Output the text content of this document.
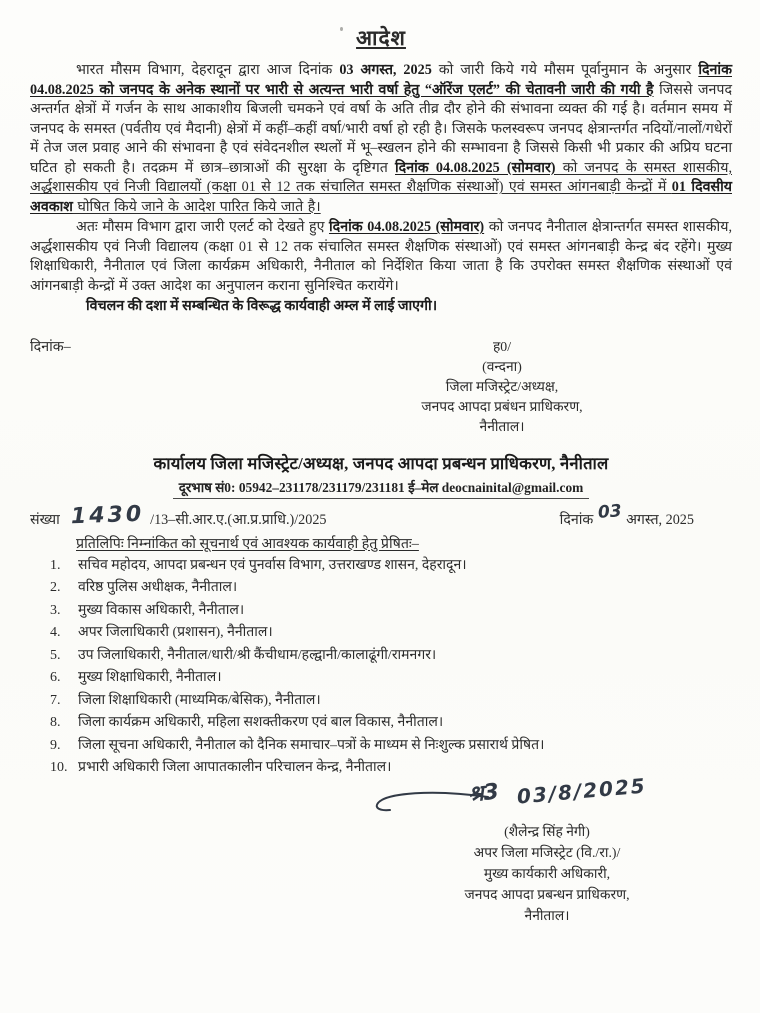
आदेश

भारत मौसम विभाग, देहरादून द्वारा आज दिनांक 03 अगस्त, 2025 को जारी किये गये मौसम पूर्वानुमान के अनुसार दिनांक 04.08.2025 को जनपद के अनेक स्थानों पर भारी से अत्यन्त भारी वर्षा हेतु “ऑरेंज एलर्ट” की चेतावनी जारी की गयी है जिससे जनपद अन्तर्गत क्षेत्रों में गर्जन के साथ आकाशीय बिजली चमकने एवं वर्षा के अति तीव्र दौर होने की संभावना व्यक्त की गई है। वर्तमान समय में जनपद के समस्त (पर्वतीय एवं मैदानी) क्षेत्रों में कहीं–कहीं वर्षा/भारी वर्षा हो रही है। जिसके फलस्वरूप जनपद क्षेत्रान्तर्गत नदियों/नालों/गधेरों में तेज जल प्रवाह आने की संभावना है एवं संवेदनशील स्थलों में भू–स्खलन होने की सम्भावना है जिससे किसी भी प्रकार की अप्रिय घटना घटित हो सकती है। तदक्रम में छात्र–छात्राओं की सुरक्षा के दृष्टिगत दिनांक 04.08.2025 (सोमवार) को जनपद के समस्त शासकीय, अर्द्धशासकीय एवं निजी विद्यालयों (कक्षा 01 से 12 तक संचालित समस्त शैक्षणिक संस्थाओं) एवं समस्त आंगनबाड़ी केन्द्रों में 01 दिवसीय अवकाश घोषित किये जाने के आदेश पारित किये जाते है।

अतः मौसम विभाग द्वारा जारी एलर्ट को देखते हुए दिनांक 04.08.2025 (सोमवार) को जनपद नैनीताल क्षेत्रान्तर्गत समस्त शासकीय, अर्द्धशासकीय एवं निजी विद्यालय (कक्षा 01 से 12 तक संचालित समस्त शैक्षणिक संस्थाओं) एवं समस्त आंगनबाड़ी केन्द्र बंद रहेंगे। मुख्य शिक्षाधिकारी, नैनीताल एवं जिला कार्यक्रम अधिकारी, नैनीताल को निर्देशित किया जाता है कि उपरोक्त समस्त शैक्षणिक संस्थाओं एवं आंगनबाड़ी केन्द्रों में उक्त आदेश का अनुपालन कराना सुनिश्चित करायेंगे।

विचलन की दशा में सम्बन्धित के विरूद्ध कार्यवाही अम्ल में लाई जाएगी।

दिनांक–	ह0/
(वन्दना)
जिला मजिस्ट्रेट/अध्यक्ष,
जनपद आपदा प्रबंधन प्राधिकरण,
नैनीताल।
कार्यालय जिला मजिस्ट्रेट/अध्यक्ष, जनपद आपदा प्रबन्धन प्राधिकरण, नैनीताल
दूरभाष सं0: 05942–231178/231179/231181 ई–मेल deocnainital@gmail.com
संख्या 1430 /13–सी.आर.ए.(आ.प्र.प्राधि.)/2025	दिनांक 03 अगस्त, 2025
प्रतिलिपिः निम्नांकित को सूचनार्थ एवं आवश्यक कार्यवाही हेतु प्रेषितः–
1.	सचिव महोदय, आपदा प्रबन्धन एवं पुनर्वास विभाग, उत्तराखण्ड शासन, देहरादून।
2.	वरिष्ठ पुलिस अधीक्षक, नैनीताल।
3.	मुख्य विकास अधिकारी, नैनीताल।
4.	अपर जिलाधिकारी (प्रशासन), नैनीताल।
5.	उप जिलाधिकारी, नैनीताल/धारी/श्री कैंचीधाम/हल्द्वानी/कालाढूंगी/रामनगर।
6.	मुख्य शिक्षाधिकारी, नैनीताल।
7.	जिला शिक्षाधिकारी (माध्यमिक/बेसिक), नैनीताल।
8.	जिला कार्यक्रम अधिकारी, महिला सशक्तीकरण एवं बाल विकास, नैनीताल।
9.	जिला सूचना अधिकारी, नैनीताल को दैनिक समाचार–पत्रों के माध्यम से निःशुल्क प्रसारार्थ प्रेषित।
10. प्रभारी अधिकारी जिला आपातकालीन परिचालन केन्द्र, नैनीताल।
श्र3 03/8/2025
(शैलेन्द्र सिंह नेगी)
अपर जिला मजिस्ट्रेट (वि./रा.)/
मुख्य कार्यकारी अधिकारी,
जनपद आपदा प्रबन्धन प्राधिकरण,
नैनीताल।
